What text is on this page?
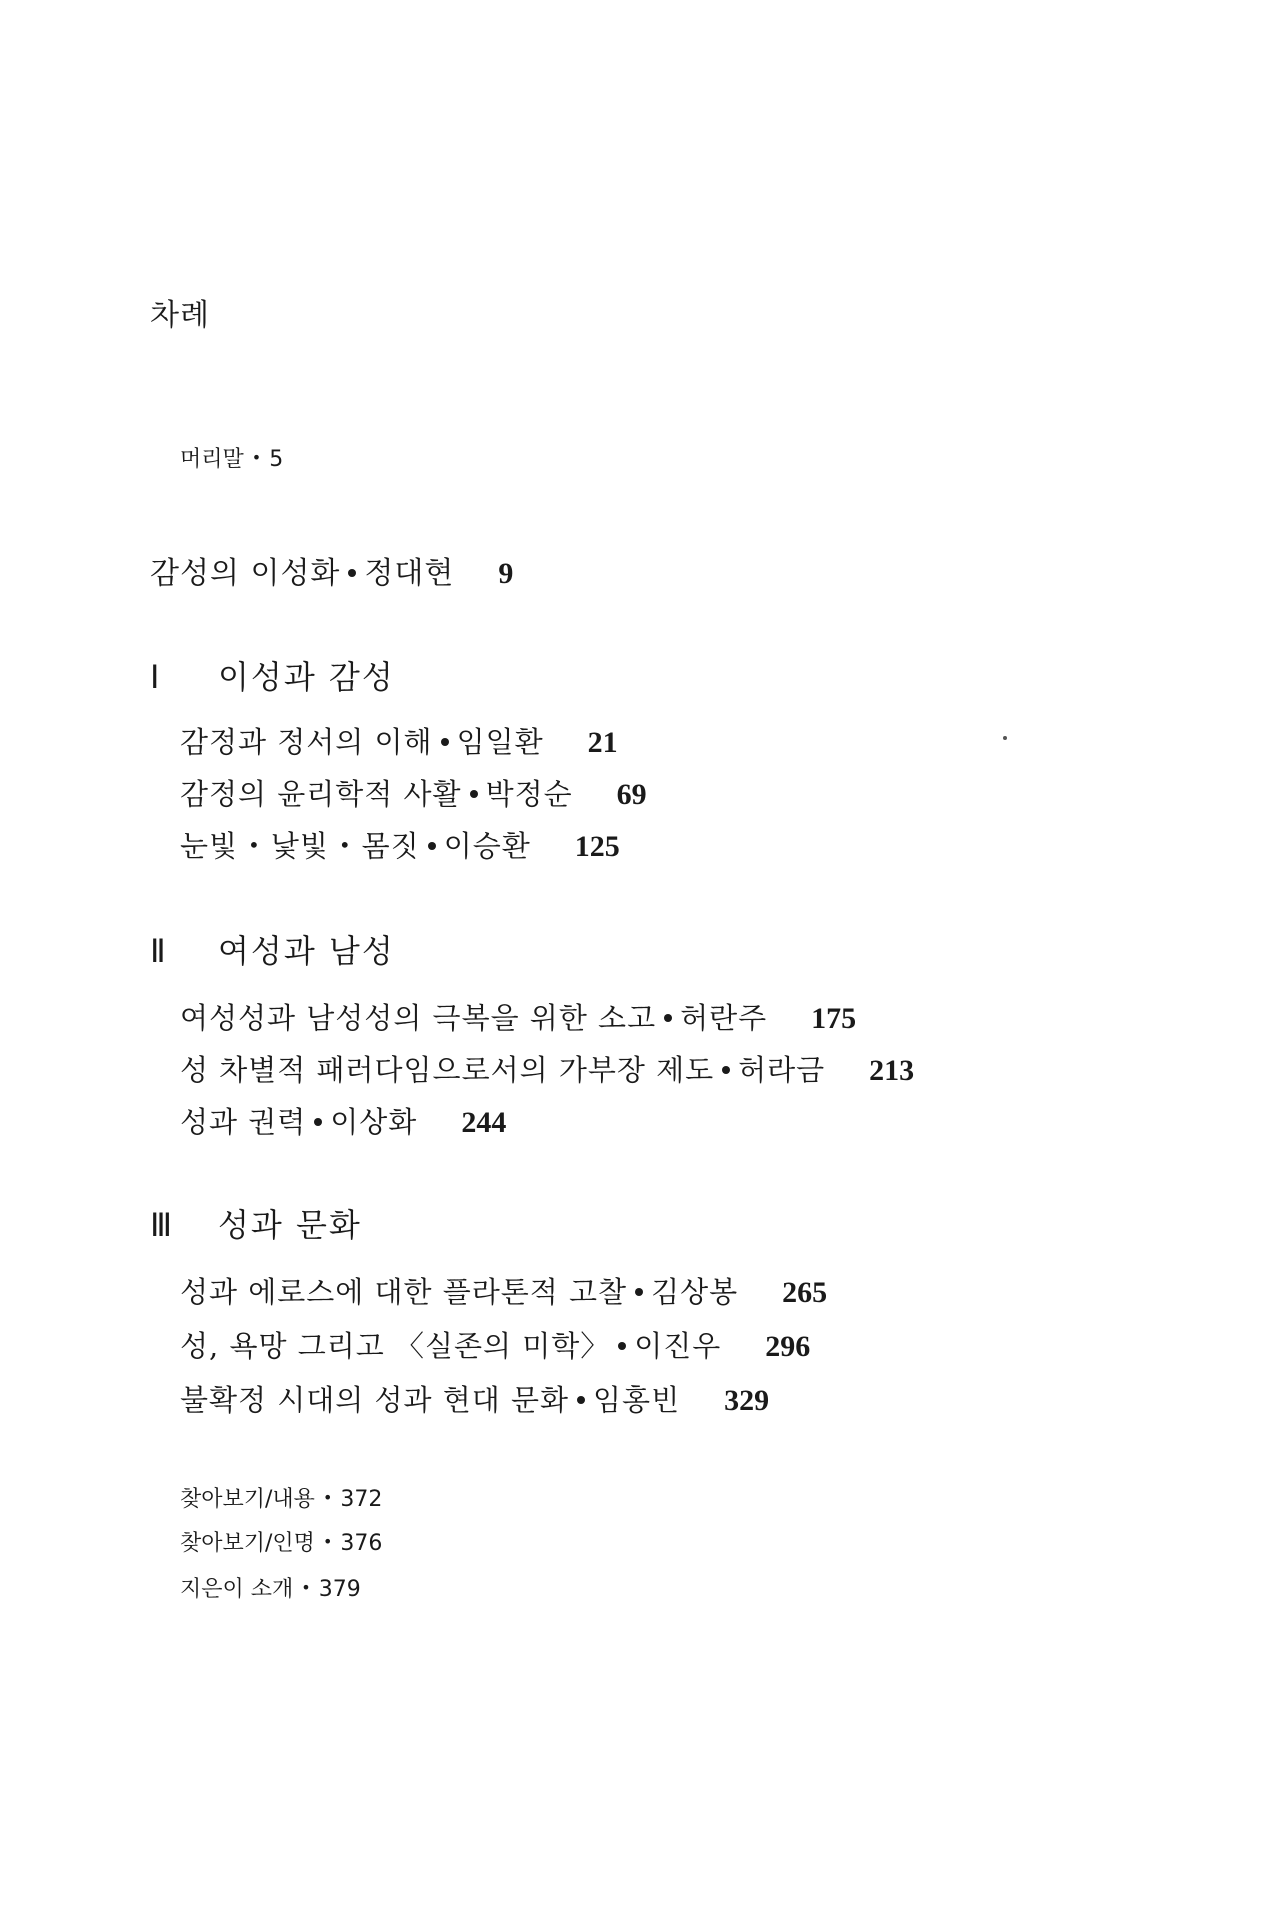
차례
머리말 • 5
감성의 이성화 정대현 9
Ⅰ 이성과 감성
감정과 정서의 이해 임일환 21
감정의 윤리학적 사활 박정순 69
눈빛 • 낯빛 • 몸짓 이승환 125
Ⅱ 여성과 남성
여성성과 남성성의 극복을 위한 소고 허란주 175
성 차별적 패러다임으로서의 가부장 제도 허라금 213
성과 권력 이상화 244
Ⅲ 성과 문화
성과 에로스에 대한 플라톤적 고찰 김상봉 265
성, 욕망 그리고 〈실존의 미학〉 이진우 296
불확정 시대의 성과 현대 문화 임홍빈 329
찾아보기/내용 • 372
찾아보기/인명 • 376
지은이 소개 • 379
